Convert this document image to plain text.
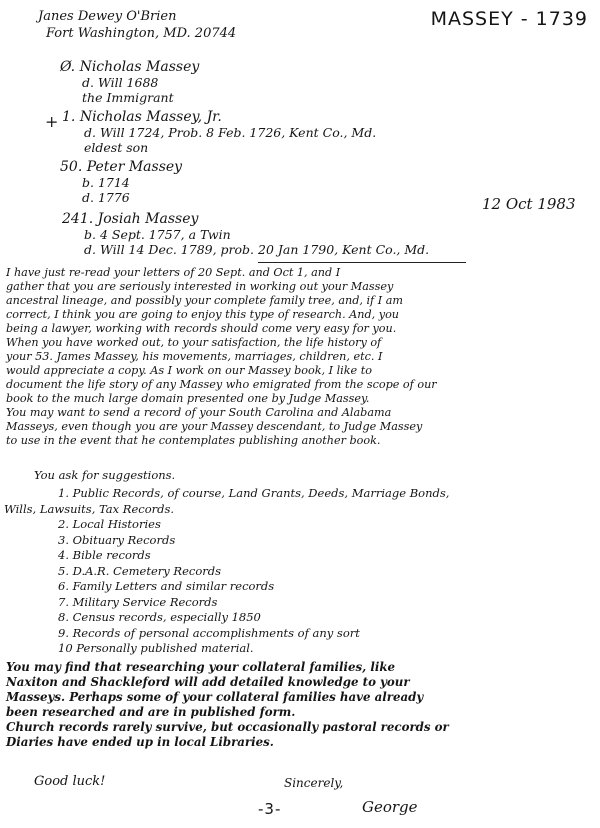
Janes Dewey O'Brien
Fort Washington, MD. 20744
MASSEY - 1739
+
Ø. Nicholas Massey
d. Will 1688
the Immigrant
1. Nicholas Massey, Jr.
d. Will 1724, Prob. 8 Feb. 1726, Kent Co., Md.
eldest son
50. Peter Massey
b. 1714
d. 1776
241. Josiah Massey
b. 4 Sept. 1757, a Twin
d. Will 14 Dec. 1789, prob. 20 Jan 1790, Kent Co., Md.
12 Oct 1983

I have just re-read your letters of 20 Sept. and Oct 1, and I

gather that you are seriously interested in working out your Massey

ancestral lineage, and possibly your complete family tree, and, if I am

correct, I think you are going to enjoy this type of research. And, you

being a lawyer, working with records should come very easy for you.

When you have worked out, to your satisfaction, the life history of

your 53. James Massey, his movements, marriages, children, etc. I

would appreciate a copy. As I work on our Massey book, I like to

document the life story of any Massey who emigrated from the scope of our

book to the much large domain presented one by Judge Massey.

You may want to send a record of your South Carolina and Alabama

Masseys, even though you are your Massey descendant, to Judge Massey

to use in the event that he contemplates publishing another book.

You ask for suggestions.
1. Public Records, of course, Land Grants, Deeds, Marriage Bonds,
Wills, Lawsuits, Tax Records.
2. Local Histories
3. Obituary Records
4. Bible records
5. D.A.R. Cemetery Records
6. Family Letters and similar records
7. Military Service Records
8. Census records, especially 1850
9. Records of personal accomplishments of any sort
10 Personally published material.

You may find that researching your collateral families, like

Naxiton and Shackleford will add detailed knowledge to your

Masseys. Perhaps some of your collateral families have already

been researched and are in published form.

Church records rarely survive, but occasionally pastoral records or

Diaries have ended up in local Libraries.

Good luck!	Sincerely,
-3-	George
